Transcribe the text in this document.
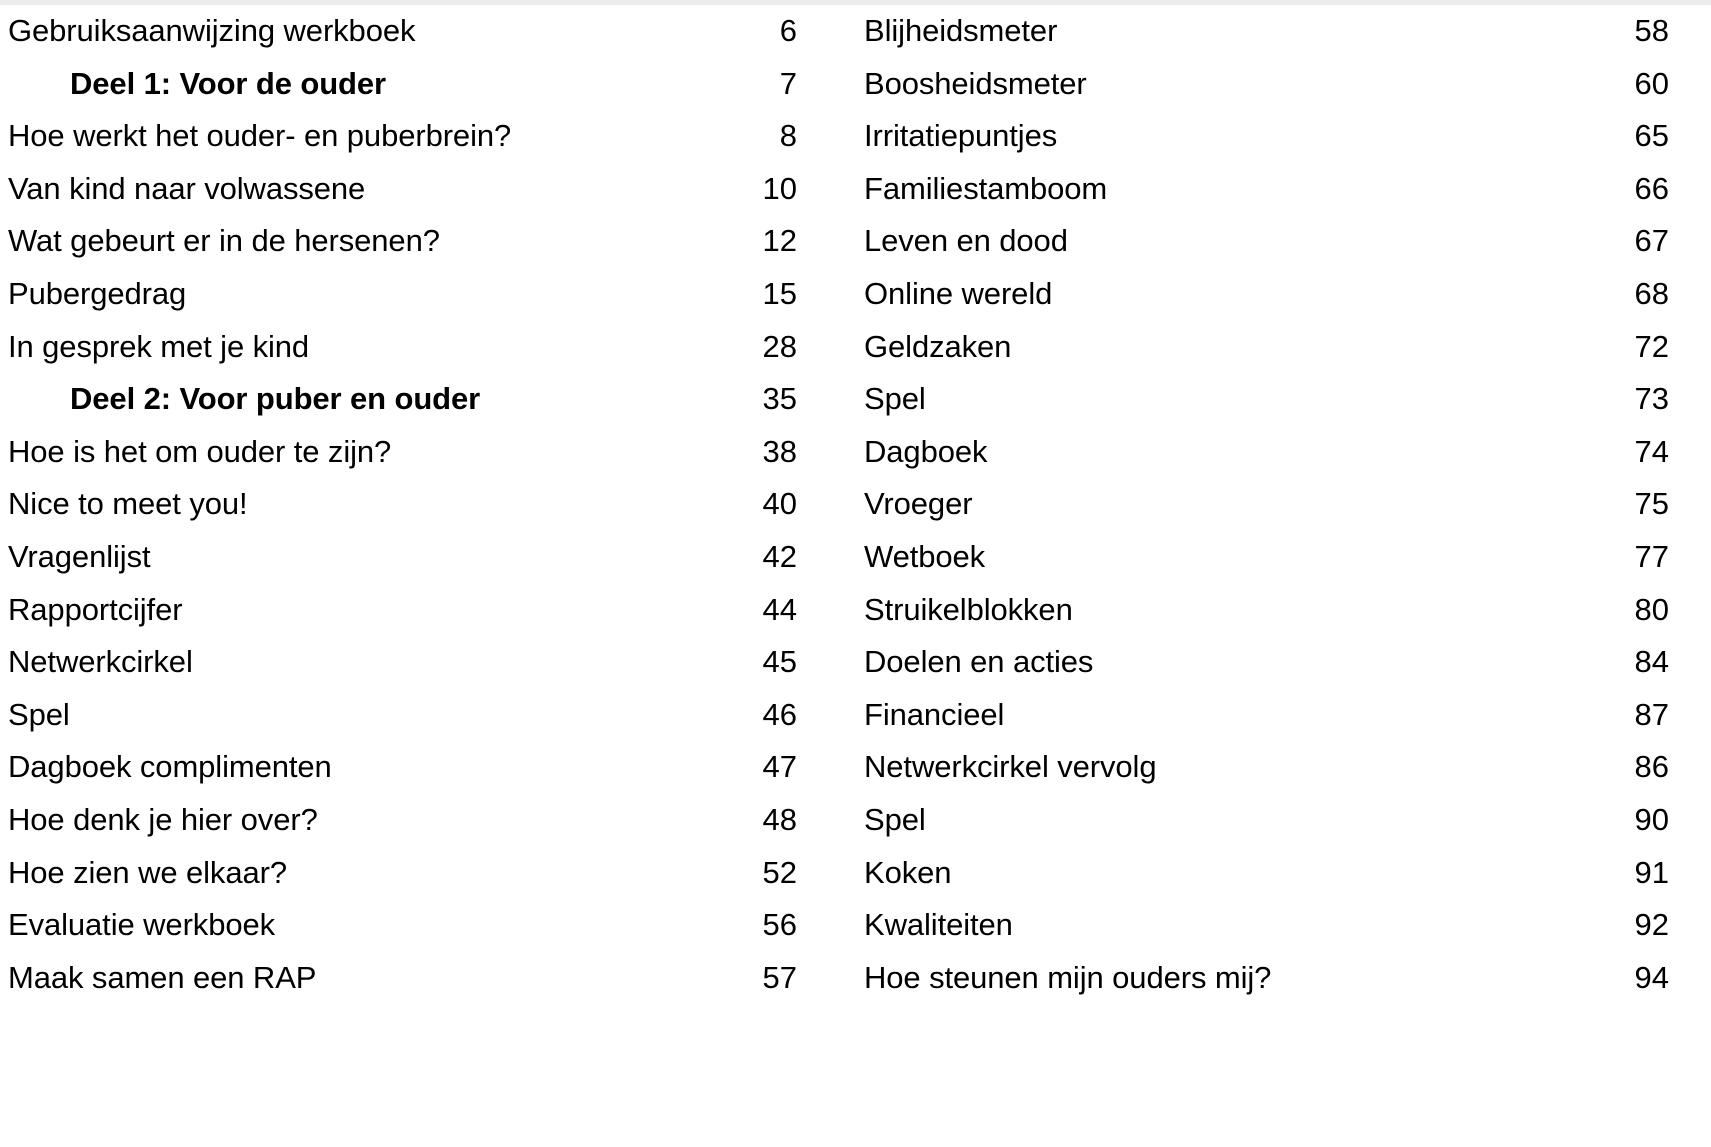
Gebruiksaanwijzing werkboek	6
Deel 1: Voor de ouder	7
Hoe werkt het ouder- en puberbrein?	8
Van kind naar volwassene	10
Wat gebeurt er in de hersenen?	12
Pubergedrag	15
In gesprek met je kind	28
Deel 2: Voor puber en ouder	35
Hoe is het om ouder te zijn?	38
Nice to meet you!	40
Vragenlijst	42
Rapportcijfer	44
Netwerkcirkel	45
Spel	46
Dagboek complimenten	47
Hoe denk je hier over?	48
Hoe zien we elkaar?	52
Evaluatie werkboek	56
Maak samen een RAP	57
Blijheidsmeter	58
Boosheidsmeter	60
Irritatiepuntjes	65
Familiestamboom	66
Leven en dood	67
Online wereld	68
Geldzaken	72
Spel	73
Dagboek	74
Vroeger	75
Wetboek	77
Struikelblokken	80
Doelen en acties	84
Financieel	87
Netwerkcirkel vervolg	86
Spel	90
Koken	91
Kwaliteiten	92
Hoe steunen mijn ouders mij?	94
